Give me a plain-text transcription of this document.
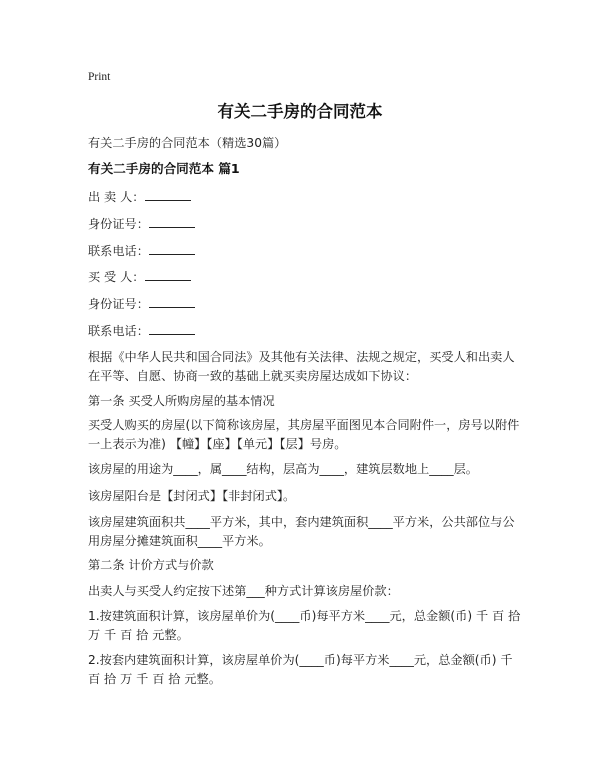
Print
有关二手房的合同范本
有关二手房的合同范本（精选30篇）
有关二手房的合同范本 篇1
出 卖 人：
身份证号：
联系电话：
买 受 人：
身份证号：
联系电话：
根据《中华人民共和国合同法》及其他有关法律、法规之规定，买受人和出卖人在平等、自愿、协商一致的基础上就买卖房屋达成如下协议：
第一条 买受人所购房屋的基本情况
买受人购买的房屋(以下简称该房屋，其房屋平面图见本合同附件一，房号以附件一上表示为准) 【幢】【座】【单元】【层】号房。
该房屋的用途为____，属____结构，层高为____，建筑层数地上____层。
该房屋阳台是【封闭式】【非封闭式】。
该房屋建筑面积共____平方米，其中，套内建筑面积____平方米，公共部位与公用房屋分摊建筑面积____平方米。
第二条 计价方式与价款
出卖人与买受人约定按下述第___种方式计算该房屋价款：
1.按建筑面积计算，该房屋单价为(____币)每平方米____元，总金额(币) 千 百 拾 万 千 百 拾 元整。
2.按套内建筑面积计算，该房屋单价为(____币)每平方米____元，总金额(币) 千 百 拾 万 千 百 拾 元整。
